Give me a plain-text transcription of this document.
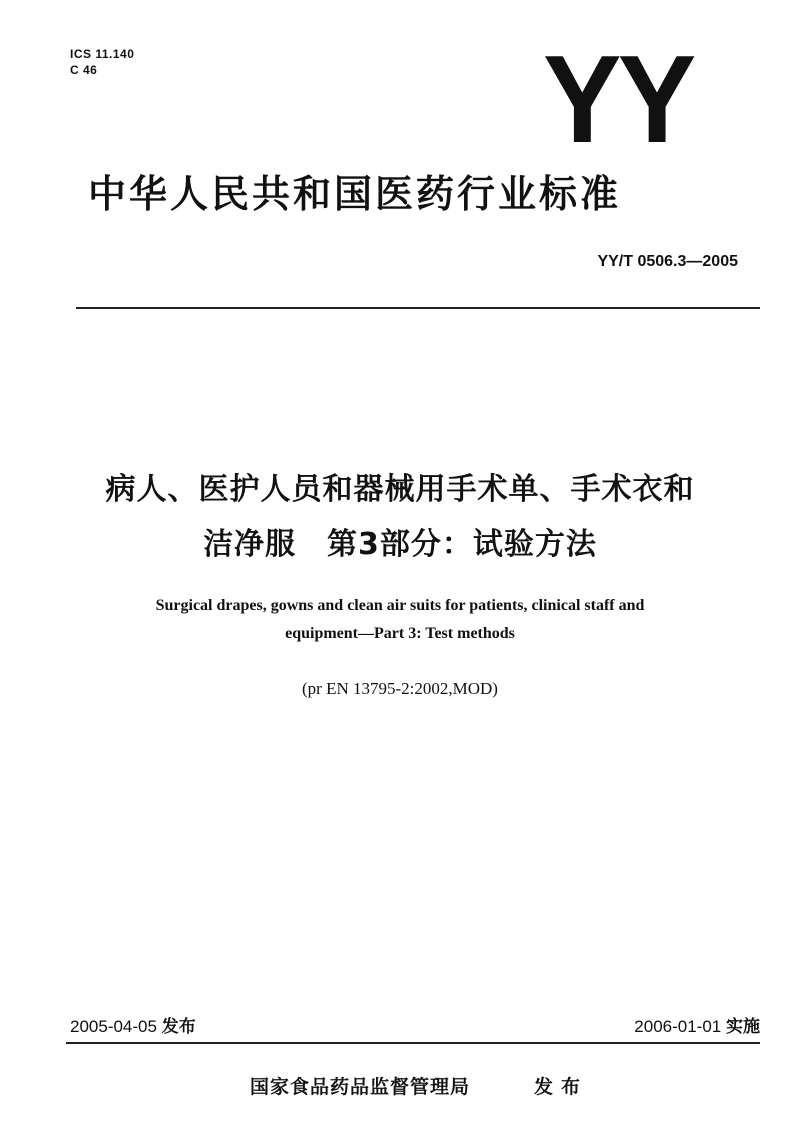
ICS 11.140
C 46	YY
中华人民共和国医药行业标准
YY/T 0506.3—2005
病人、医护人员和器械用手术单、手术衣和
洁净服　第3部分：试验方法
Surgical drapes, gowns and clean air suits for patients, clinical staff and
equipment—Part 3: Test methods
(pr EN 13795-2:2002,MOD)
2005-04-05 发布	2006-01-01 实施
国家食品药品监督管理局	发布
